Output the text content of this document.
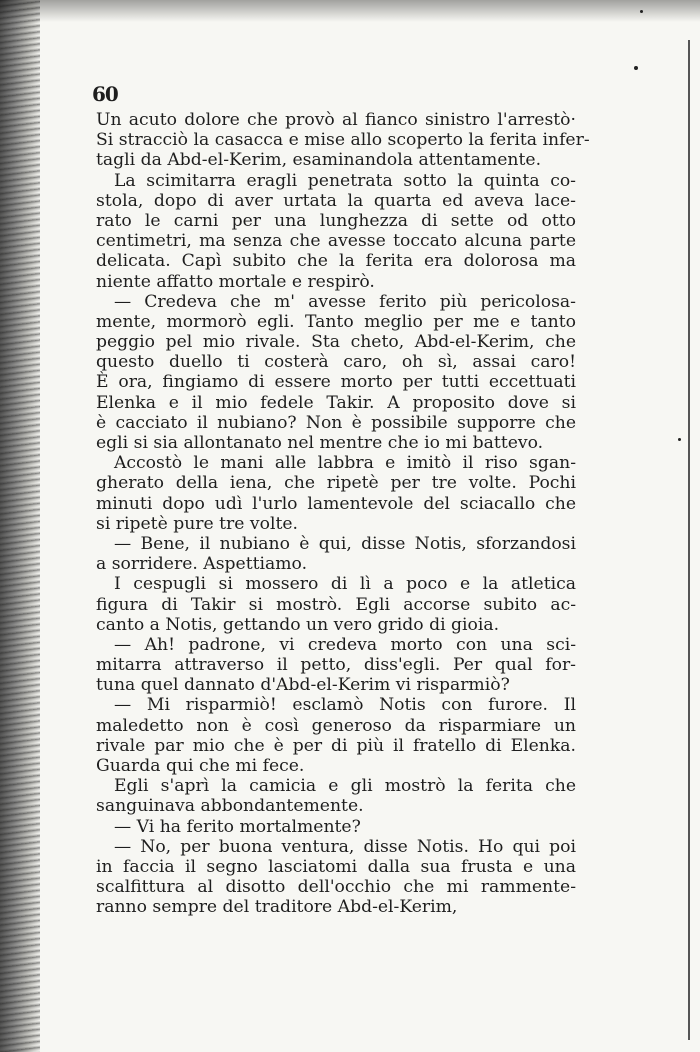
60
Un acuto dolore che provò al fianco sinistro l'arrestò·
Si stracciò la casacca e mise allo scoperto la ferita infer-
tagli da Abd-el-Kerim, esaminandola attentamente.
La scimitarra eragli penetrata sotto la quinta co-
stola, dopo di aver urtata la quarta ed aveva lace-
rato le carni per una lunghezza di sette od otto
centimetri, ma senza che avesse toccato alcuna parte
delicata. Capì subito che la ferita era dolorosa ma
niente affatto mortale e respirò.
— Credeva che m' avesse ferito più pericolosa-
mente, mormorò egli. Tanto meglio per me e tanto
peggio pel mio rivale. Sta cheto, Abd-el-Kerim, che
questo duello ti costerà caro, oh sì, assai caro!
È ora, fingiamo di essere morto per tutti eccettuati
Elenka e il mio fedele Takir. A proposito dove si
è cacciato il nubiano? Non è possibile supporre che
egli si sia allontanato nel mentre che io mi battevo.
Accostò le mani alle labbra e imitò il riso sgan-
gherato della iena, che ripetè per tre volte. Pochi
minuti dopo udì l'urlo lamentevole del sciacallo che
si ripetè pure tre volte.
— Bene, il nubiano è qui, disse Notis, sforzandosi
a sorridere. Aspettiamo.
I cespugli si mossero di lì a poco e la atletica
figura di Takir si mostrò. Egli accorse subito ac-
canto a Notis, gettando un vero grido di gioia.
— Ah! padrone, vi credeva morto con una sci-
mitarra attraverso il petto, diss'egli. Per qual for-
tuna quel dannato d'Abd-el-Kerim vi risparmiò?
— Mi risparmiò! esclamò Notis con furore. Il
maledetto non è così generoso da risparmiare un
rivale par mio che è per di più il fratello di Elenka.
Guarda qui che mi fece.
Egli s'aprì la camicia e gli mostrò la ferita che
sanguinava abbondantemente.
— Vi ha ferito mortalmente?
— No, per buona ventura, disse Notis. Ho qui poi
in faccia il segno lasciatomi dalla sua frusta e una
scalfittura al disotto dell'occhio che mi rammente-
ranno sempre del traditore Abd-el-Kerim,
